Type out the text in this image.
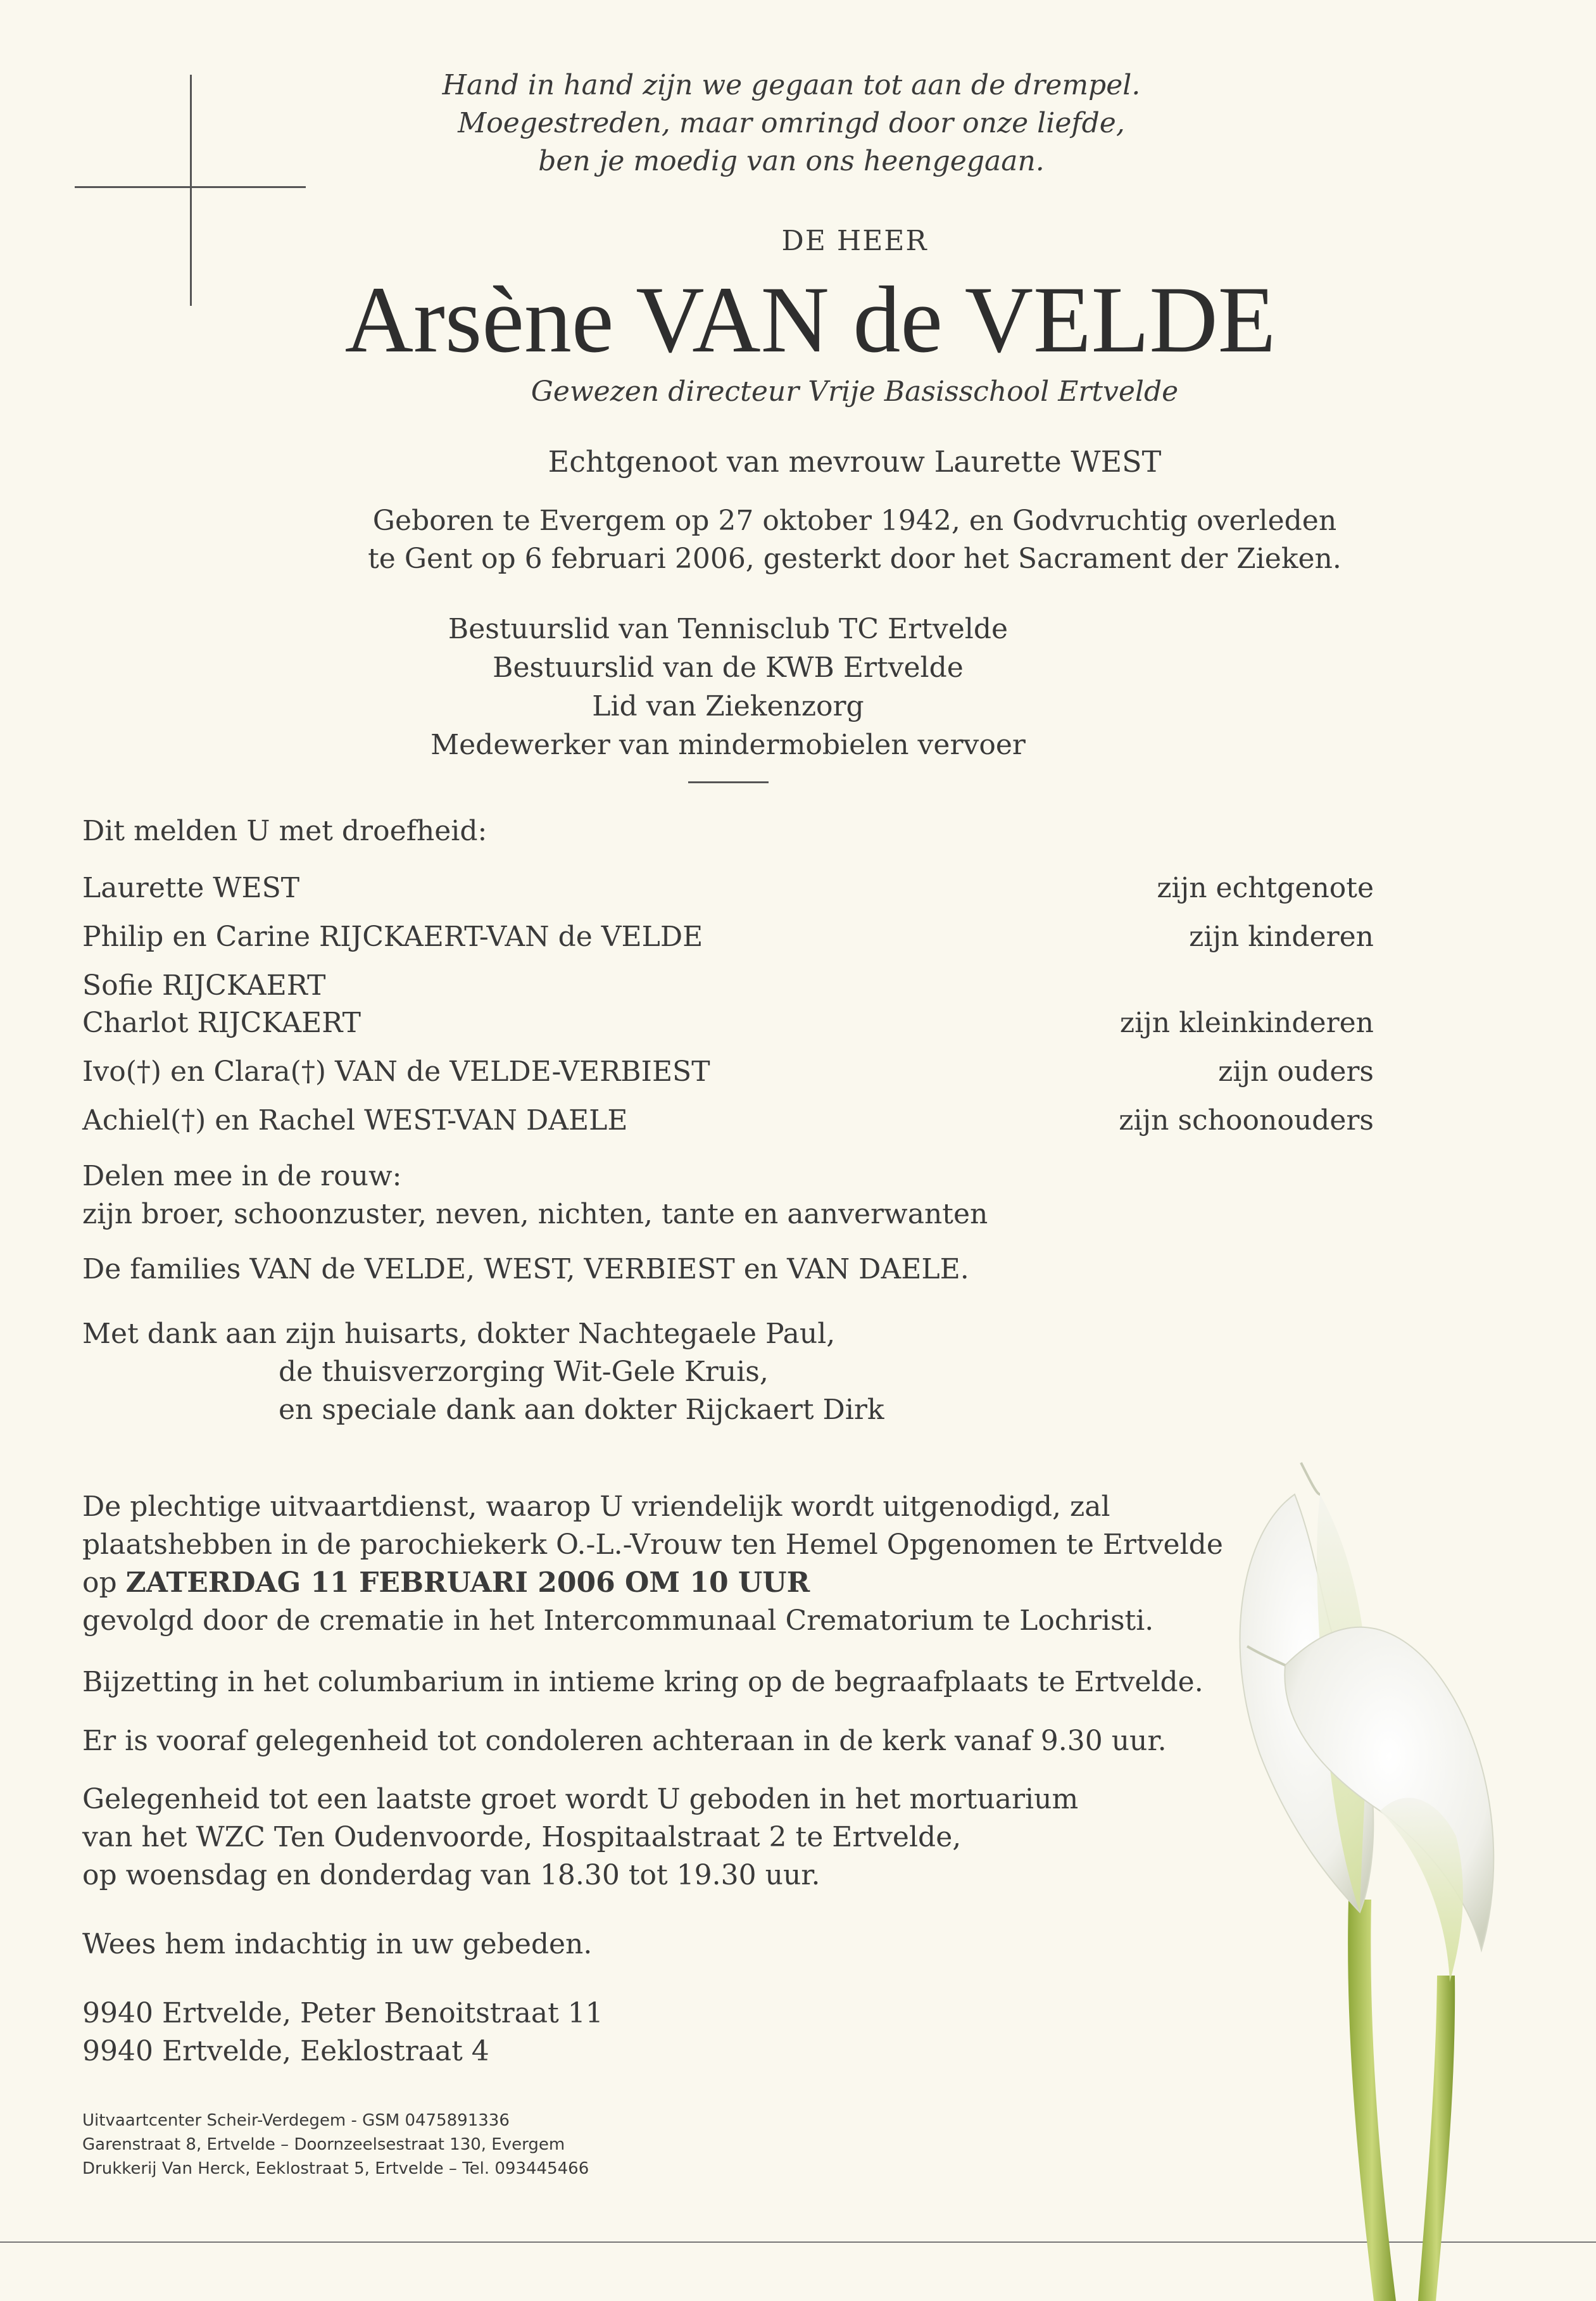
Hand in hand zijn we gegaan tot aan de drempel.
Moegestreden, maar omringd door onze liefde,
ben je moedig van ons heengegaan.
DE HEER
Arsène VAN de VELDE
Gewezen directeur Vrije Basisschool Ertvelde
Echtgenoot van mevrouw Laurette WEST
Geboren te Evergem op 27 oktober 1942, en Godvruchtig overleden
te Gent op 6 februari 2006, gesterkt door het Sacrament der Zieken.
Bestuurslid van Tennisclub TC Ertvelde
Bestuurslid van de KWB Ertvelde
Lid van Ziekenzorg
Medewerker van mindermobielen vervoer
Dit melden U met droefheid:
Laurette WEST	zijn echtgenote
Philip en Carine RIJCKAERT-VAN de VELDE	zijn kinderen
Sofie RIJCKAERT
Charlot RIJCKAERT	zijn kleinkinderen
Ivo(†) en Clara(†) VAN de VELDE-VERBIEST	zijn ouders
Achiel(†) en Rachel WEST-VAN DAELE	zijn schoonouders
Delen mee in de rouw:
zijn broer, schoonzuster, neven, nichten, tante en aanverwanten
De families VAN de VELDE, WEST, VERBIEST en VAN DAELE.
Met dank aan zijn huisarts, dokter Nachtegaele Paul,
de thuisverzorging Wit-Gele Kruis,
en speciale dank aan dokter Rijckaert Dirk
De plechtige uitvaartdienst, waarop U vriendelijk wordt uitgenodigd, zal
plaatshebben in de parochiekerk O.-L.-Vrouw ten Hemel Opgenomen te Ertvelde
op ZATERDAG 11 FEBRUARI 2006 OM 10 UUR
gevolgd door de crematie in het Intercommunaal Crematorium te Lochristi.
Bijzetting in het columbarium in intieme kring op de begraafplaats te Ertvelde.
Er is vooraf gelegenheid tot condoleren achteraan in de kerk vanaf 9.30 uur.
Gelegenheid tot een laatste groet wordt U geboden in het mortuarium
van het WZC Ten Oudenvoorde, Hospitaalstraat 2 te Ertvelde,
op woensdag en donderdag van 18.30 tot 19.30 uur.
Wees hem indachtig in uw gebeden.
9940 Ertvelde, Peter Benoitstraat 11
9940 Ertvelde, Eeklostraat 4
Uitvaartcenter Scheir-Verdegem - GSM 0475891336
Garenstraat 8, Ertvelde – Doornzeelsestraat 130, Evergem
Drukkerij Van Herck, Eeklostraat 5, Ertvelde – Tel. 093445466
